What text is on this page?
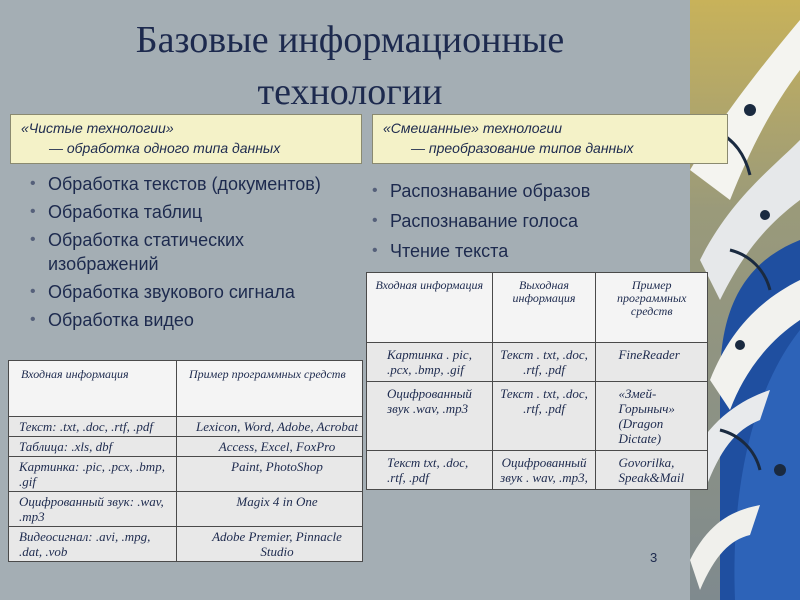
Базовые информационные
технологии
«Чистые технологии»
— обработка одного типа данных
«Смешанные» технологии
— преобразование типов данных
• Обработка текстов (документов)
• Обработка таблиц
• Обработка статических изображений
• Обработка звукового сигнала
• Обработка видео
• Распознавание образов
• Распознавание голоса
• Чтение текста
Входная информация	Пример программных средств
Текст: .txt, .doc, .rtf, .pdf	Lexicon, Word, Adobe, Acrobat
Таблица: .xls, dbf	Access, Excel, FoxPro
Картинка: .pic, .pcx, .bmp, .gif	Paint, PhotoShop
Оцифрованный звук: .wav, .mp3	Magix 4 in One
Видеосигнал: .avi, .mpg, .dat, .vob	Adobe Premier, Pinnacle Studio
Входная информация	Выходная информация	Пример программных средств
Картинка . pic, .pcx, .bmp, .gif	Текст . txt, .doc, .rtf, .pdf	FineReader
Оцифрованный звук .wav, .mp3	Текст . txt, .doc, .rtf, .pdf	«Змей-Горыныч» (Dragon Dictate)
Текст txt, .doc, .rtf, .pdf	Оцифрованный звук . wav, .mp3,	Govorilka, Speak&Mail
3
